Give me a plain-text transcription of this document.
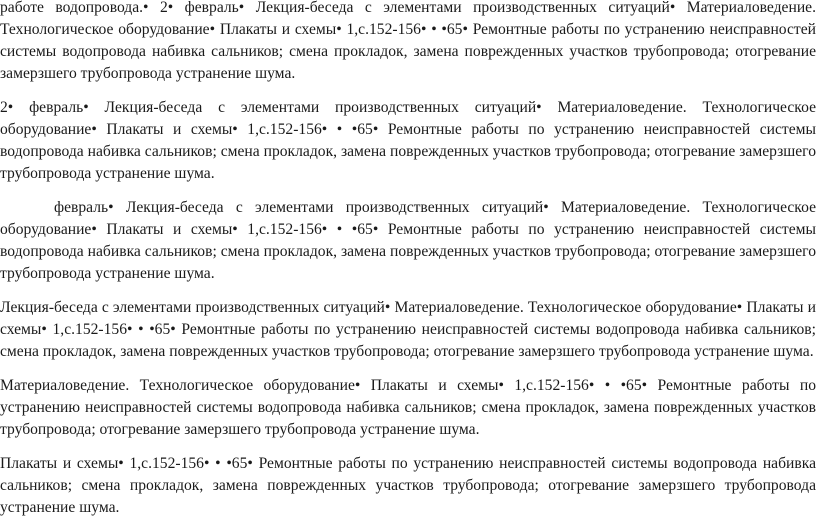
работе водопровода.• 2• февраль• Лекция-беседа с элементами производственных ситуаций• Материаловедение. Технологическое оборудование• Плакаты и схемы• 1,с.152-156• • •65• Ремонтные работы по устранению неисправностей системы водопровода набивка сальников; смена прокладок, замена поврежденных участков трубопровода; отогревание замерзшего трубопровода устранение шума.

2• февраль• Лекция-беседа с элементами производственных ситуаций• Материаловедение. Технологическое оборудование• Плакаты и схемы• 1,с.152-156• • •65• Ремонтные работы по устранению неисправностей системы водопровода набивка сальников; смена прокладок, замена поврежденных участков трубопровода; отогревание замерзшего трубопровода устранение шума.

февраль• Лекция-беседа с элементами производственных ситуаций• Материаловедение. Технологическое оборудование• Плакаты и схемы• 1,с.152-156• • •65• Ремонтные работы по устранению неисправностей системы водопровода набивка сальников; смена прокладок, замена поврежденных участков трубопровода; отогревание замерзшего трубопровода устранение шума.

Лекция-беседа с элементами производственных ситуаций• Материаловедение. Технологическое оборудование• Плакаты и схемы• 1,с.152-156• • •65• Ремонтные работы по устранению неисправностей системы водопровода набивка сальников; смена прокладок, замена поврежденных участков трубопровода; отогревание замерзшего трубопровода устранение шума.

Материаловедение. Технологическое оборудование• Плакаты и схемы• 1,с.152-156• • •65• Ремонтные работы по устранению неисправностей системы водопровода набивка сальников; смена прокладок, замена поврежденных участков трубопровода; отогревание замерзшего трубопровода устранение шума.

Плакаты и схемы• 1,с.152-156• • •65• Ремонтные работы по устранению неисправностей системы водопровода набивка сальников; смена прокладок, замена поврежденных участков трубопровода; отогревание замерзшего трубопровода устранение шума.
